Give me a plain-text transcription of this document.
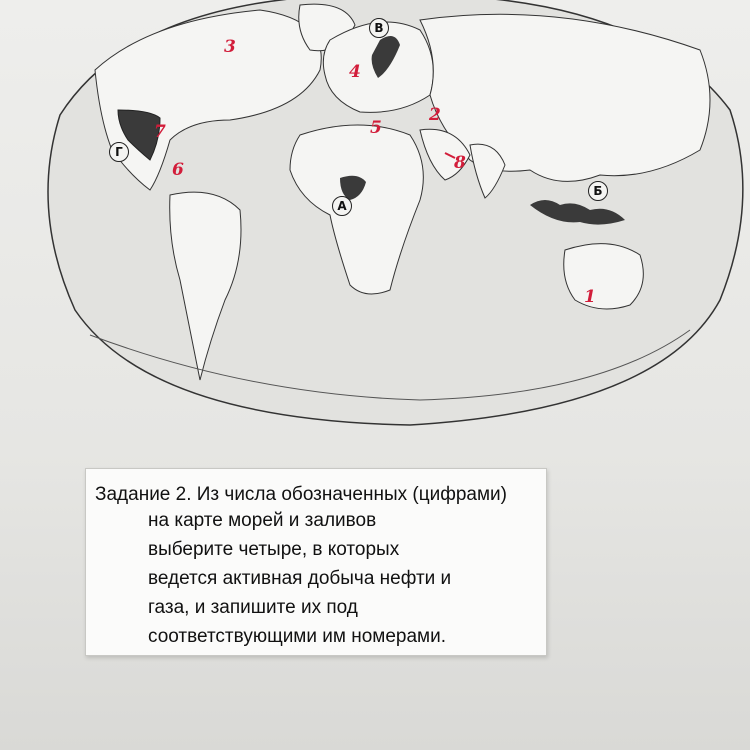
В
Г
А
Б
3
4
2
5
7
6	8
1
Задание 2. Из числа обозначенных (цифрами)
на карте морей и заливов
выберите четыре, в которых
ведется активная добыча нефти и
газа, и запишите их под
соответствующими им номерами.
